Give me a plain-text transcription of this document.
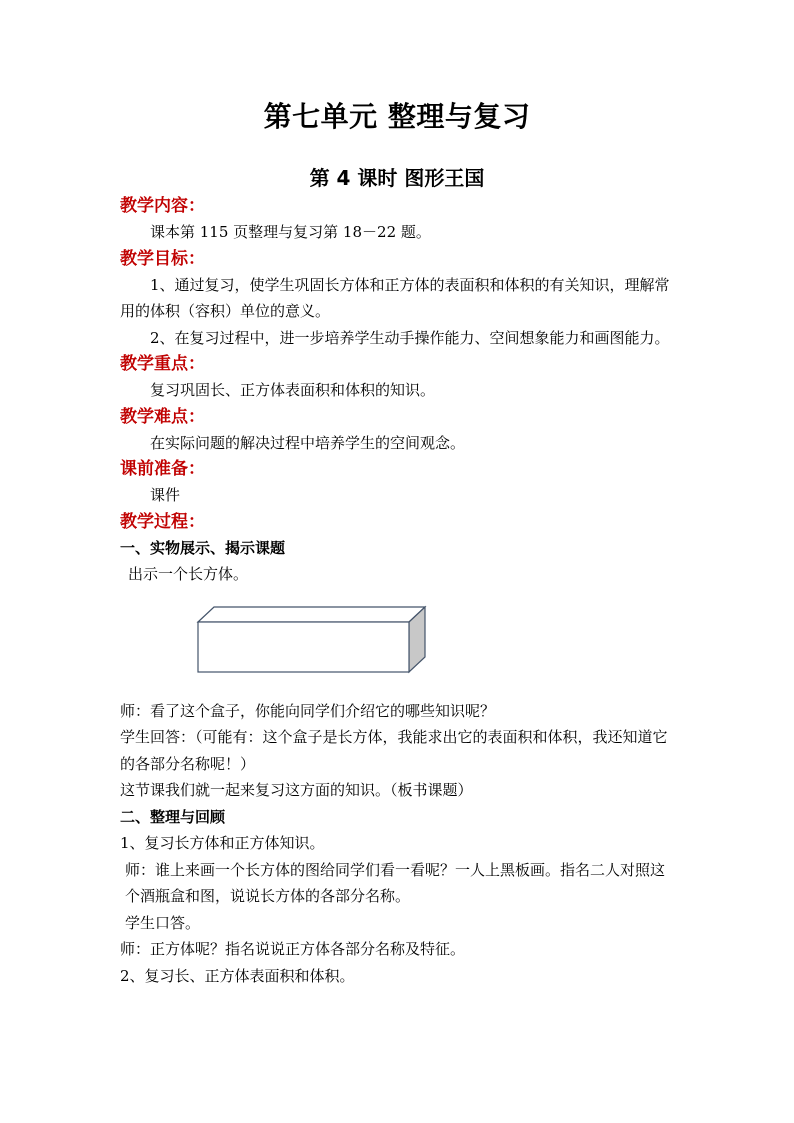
第七单元 整理与复习
第 4 课时 图形王国

教学内容：

课本第 115 页整理与复习第 18－22 题。

教学目标：

1、通过复习，使学生巩固长方体和正方体的表面积和体积的有关知识，理解常用的体积（容积）单位的意义。

2、在复习过程中，进一步培养学生动手操作能力、空间想象能力和画图能力。

教学重点：

复习巩固长、正方体表面积和体积的知识。

教学难点：

在实际问题的解决过程中培养学生的空间观念。

课前准备：

课件

教学过程：

一、实物展示、揭示课题

出示一个长方体。

师：看了这个盒子，你能向同学们介绍它的哪些知识呢？

学生回答：（可能有：这个盒子是长方体，我能求出它的表面积和体积，我还知道它的各部分名称呢！）

这节课我们就一起来复习这方面的知识。（板书课题）

二、整理与回顾

1、复习长方体和正方体知识。

师：谁上来画一个长方体的图给同学们看一看呢？一人上黑板画。指名二人对照这个酒瓶盒和图，说说长方体的各部分名称。

学生口答。

师：正方体呢？指名说说正方体各部分名称及特征。

2、复习长、正方体表面积和体积。
